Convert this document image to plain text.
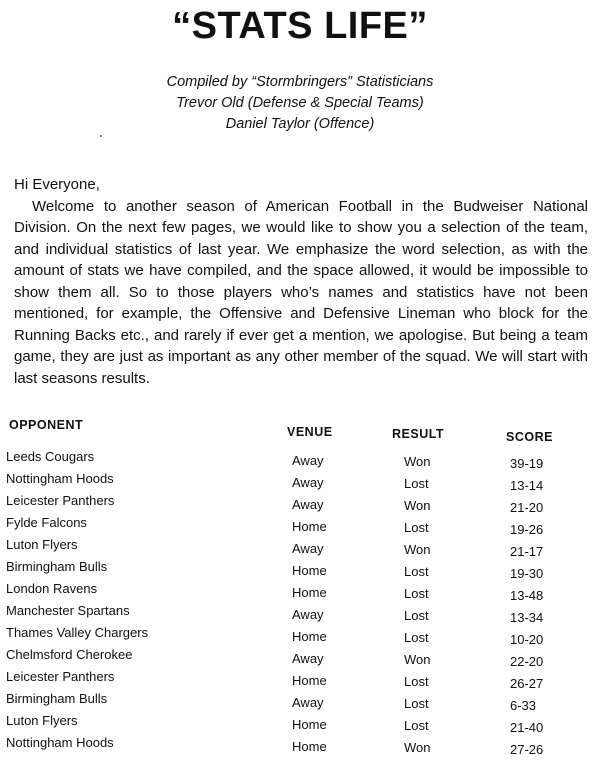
“STATS LIFE”
Compiled by “Stormbringers” Statisticians
Trevor Old (Defense & Special Teams)
Daniel Taylor (Offence)
Hi Everyone,
Welcome to another season of American Football in the Budweiser National Division. On the next few pages, we would like to show you a selection of the team, and individual statistics of last year. We emphasize the word selection, as with the amount of stats we have compiled, and the space allowed, it would be impossible to show them all. So to those players who’s names and statistics have not been mentioned, for example, the Offensive and Defensive Lineman who block for the Running Backs etc., and rarely if ever get a mention, we apologise. But being a team game, they are just as important as any other member of the squad. We will start with last seasons results.
OPPONENT	VENUE	RESULT	SCORE
Leeds Cougars	Away	Won	39-19
Nottingham Hoods	Away	Lost	13-14
Leicester Panthers	Away	Won	21-20
Fylde Falcons	Home	Lost	19-26
Luton Flyers	Away	Won	21-17
Birmingham Bulls	Home	Lost	19-30
London Ravens	Home	Lost	13-48
Manchester Spartans	Away	Lost	13-34
Thames Valley Chargers	Home	Lost	10-20
Chelmsford Cherokee	Away	Won	22-20
Leicester Panthers	Home	Lost	26-27
Birmingham Bulls	Away	Lost	6-33
Luton Flyers	Home	Lost	21-40
Nottingham Hoods	Home	Won	27-26
